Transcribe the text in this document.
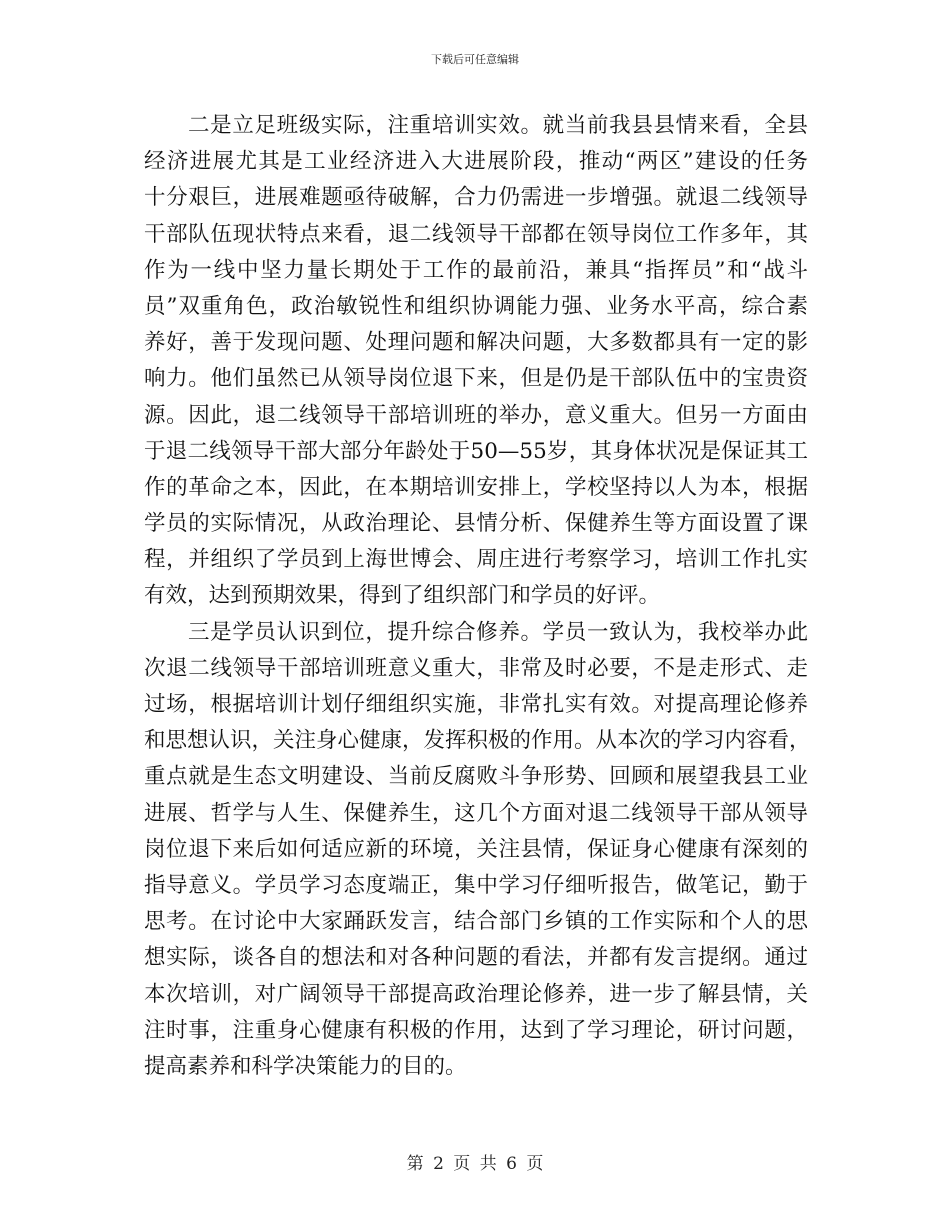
下载后可任意编辑
二是立足班级实际，注重培训实效。就当前我县县情来看，全县
经济进展尤其是工业经济进入大进展阶段，推动“两区”建设的任务
十分艰巨，进展难题亟待破解，合力仍需进一步增强。就退二线领导
干部队伍现状特点来看，退二线领导干部都在领导岗位工作多年，其
作为一线中坚力量长期处于工作的最前沿，兼具“指挥员”和“战斗
员”双重角色，政治敏锐性和组织协调能力强、业务水平高，综合素
养好，善于发现问题、处理问题和解决问题，大多数都具有一定的影
响力。他们虽然已从领导岗位退下来，但是仍是干部队伍中的宝贵资
源。因此，退二线领导干部培训班的举办，意义重大。但另一方面由
于退二线领导干部大部分年龄处于50—55岁，其身体状况是保证其工
作的革命之本，因此，在本期培训安排上，学校坚持以人为本，根据
学员的实际情况，从政治理论、县情分析、保健养生等方面设置了课
程，并组织了学员到上海世博会、周庄进行考察学习，培训工作扎实
有效，达到预期效果，得到了组织部门和学员的好评。
三是学员认识到位，提升综合修养。学员一致认为，我校举办此
次退二线领导干部培训班意义重大，非常及时必要，不是走形式、走
过场，根据培训计划仔细组织实施，非常扎实有效。对提高理论修养
和思想认识，关注身心健康，发挥积极的作用。从本次的学习内容看，
重点就是生态文明建设、当前反腐败斗争形势、回顾和展望我县工业
进展、哲学与人生、保健养生，这几个方面对退二线领导干部从领导
岗位退下来后如何适应新的环境，关注县情，保证身心健康有深刻的
指导意义。学员学习态度端正，集中学习仔细听报告，做笔记，勤于
思考。在讨论中大家踊跃发言，结合部门乡镇的工作实际和个人的思
想实际，谈各自的想法和对各种问题的看法，并都有发言提纲。通过
本次培训，对广阔领导干部提高政治理论修养，进一步了解县情，关
注时事，注重身心健康有积极的作用，达到了学习理论，研讨问题，
提高素养和科学决策能力的目的。
第 2 页 共 6 页
